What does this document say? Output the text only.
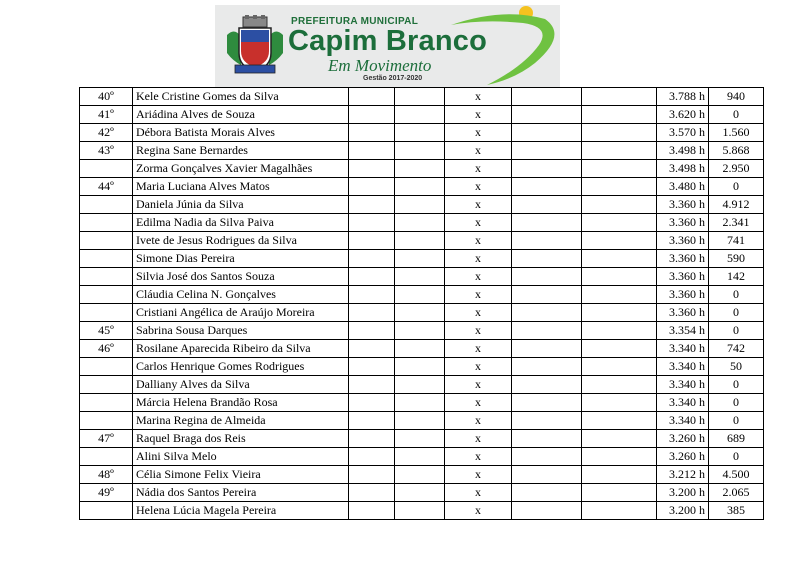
PREFEITURA MUNICIPAL
Capim Branco
Em Movimento
Gestão 2017-2020
40º	Kele Cristine Gomes da Silva			x			3.788 h	940
41º	Ariádina Alves de Souza			x			3.620 h	0
42º	Débora Batista Morais Alves			x			3.570 h	1.560
43º	Regina Sane Bernardes			x			3.498 h	5.868
	Zorma Gonçalves Xavier Magalhães			x			3.498 h	2.950
44º	Maria Luciana Alves Matos			x			3.480 h	0
	Daniela Júnia da Silva			x			3.360 h	4.912
	Edilma Nadia da Silva Paiva			x			3.360 h	2.341
	Ivete de Jesus Rodrigues da Silva			x			3.360 h	741
	Simone Dias Pereira			x			3.360 h	590
	Silvia José dos Santos Souza			x			3.360 h	142
	Cláudia Celina N. Gonçalves			x			3.360 h	0
	Cristiani Angélica de Araújo Moreira			x			3.360 h	0
45º	Sabrina Sousa Darques			x			3.354 h	0
46º	Rosilane Aparecida Ribeiro da Silva			x			3.340 h	742
	Carlos Henrique Gomes Rodrigues			x			3.340 h	50
	Dalliany Alves da Silva			x			3.340 h	0
	Márcia Helena Brandão Rosa			x			3.340 h	0
	Marina Regina de Almeida			x			3.340 h	0
47º	Raquel Braga dos Reis			x			3.260 h	689
	Alini Silva Melo			x			3.260 h	0
48º	Célia Simone Felix Vieira			x			3.212 h	4.500
49º	Nádia dos Santos Pereira			x			3.200 h	2.065
	Helena Lúcia Magela Pereira			x			3.200 h	385
